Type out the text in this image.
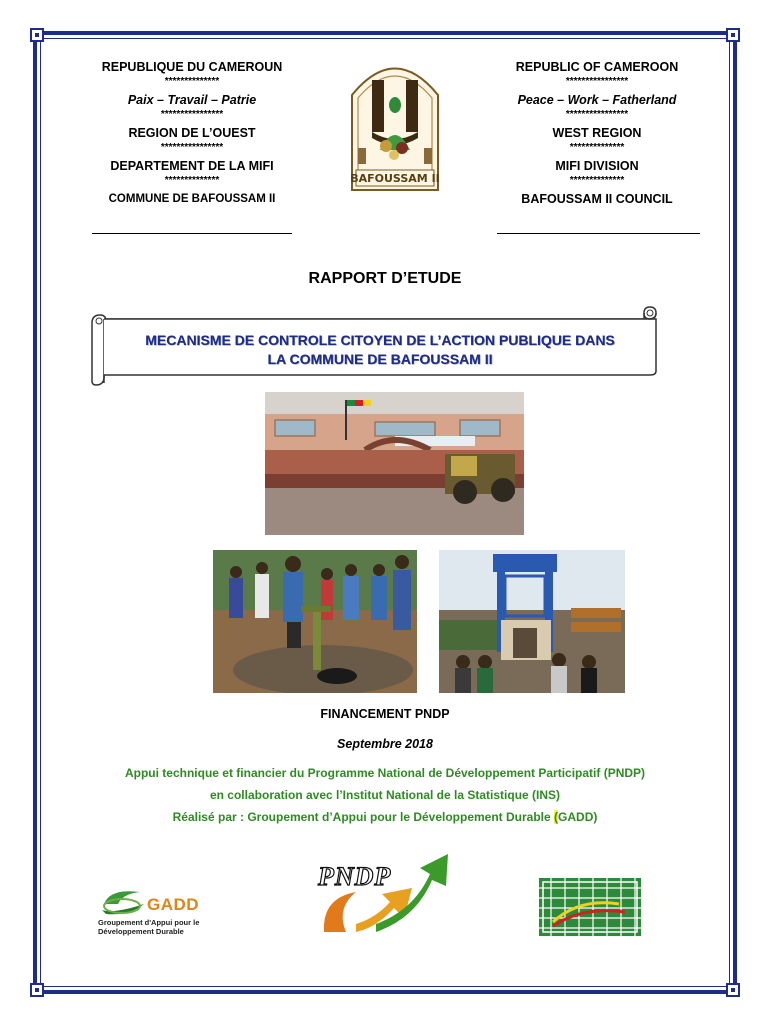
REPUBLIQUE DU CAMEROUN
**************
Paix – Travail – Patrie
****************
REGION DE L’OUEST
****************
DEPARTEMENT DE LA MIFI
**************
COMMUNE DE BAFOUSSAM II
REPUBLIC OF CAMEROON
****************
Peace – Work – Fatherland
****************
WEST REGION
**************
MIFI DIVISION
**************
BAFOUSSAM II COUNCIL
BAFOUSSAM II
RAPPORT D’ETUDE
MECANISME DE CONTROLE CITOYEN DE L’ACTION PUBLIQUE DANS
LA COMMUNE DE BAFOUSSAM II
FINANCEMENT PNDP
Septembre 2018
Appui technique et financier du Programme National de Développement Participatif (PNDP)
en collaboration avec l’Institut National de la Statistique (INS)
Réalisé par : Groupement d’Appui pour le Développement Durable (GADD)
GADD
Groupement d'Appui pour le Développement Durable
PNDP
